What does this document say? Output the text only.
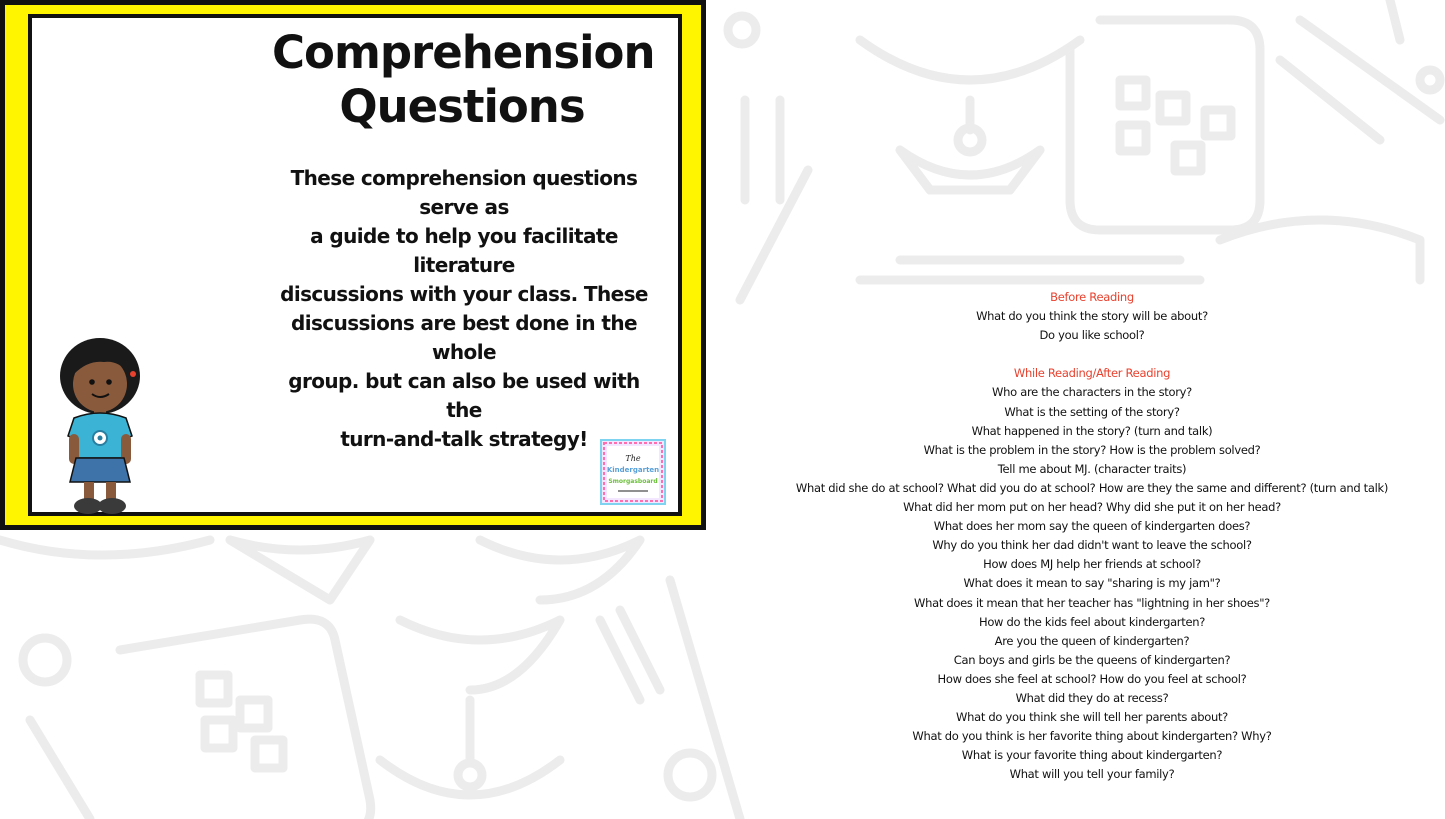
Comprehension
Questions

These comprehension questions serve as
a guide to help you facilitate literature
discussions with your class. These
discussions are best done in the whole
group. but can also be used with the
turn-and-talk strategy!

The
Kindergarten
Smorgasboard
Before Reading
What do you think the story will be about?
Do you like school?
While Reading/After Reading
Who are the characters in the story?
What is the setting of the story?
What happened in the story? (turn and talk)
What is the problem in the story? How is the problem solved?
Tell me about MJ. (character traits)
What did she do at school? What did you do at school? How are they the same and different? (turn and talk)
What did her mom put on her head? Why did she put it on her head?
What does her mom say the queen of kindergarten does?
Why do you think her dad didn't want to leave the school?
How does MJ help her friends at school?
What does it mean to say "sharing is my jam"?
What does it mean that her teacher has "lightning in her shoes"?
How do the kids feel about kindergarten?
Are you the queen of kindergarten?
Can boys and girls be the queens of kindergarten?
How does she feel at school? How do you feel at school?
What did they do at recess?
What do you think she will tell her parents about?
What do you think is her favorite thing about kindergarten? Why?
What is your favorite thing about kindergarten?
What will you tell your family?
